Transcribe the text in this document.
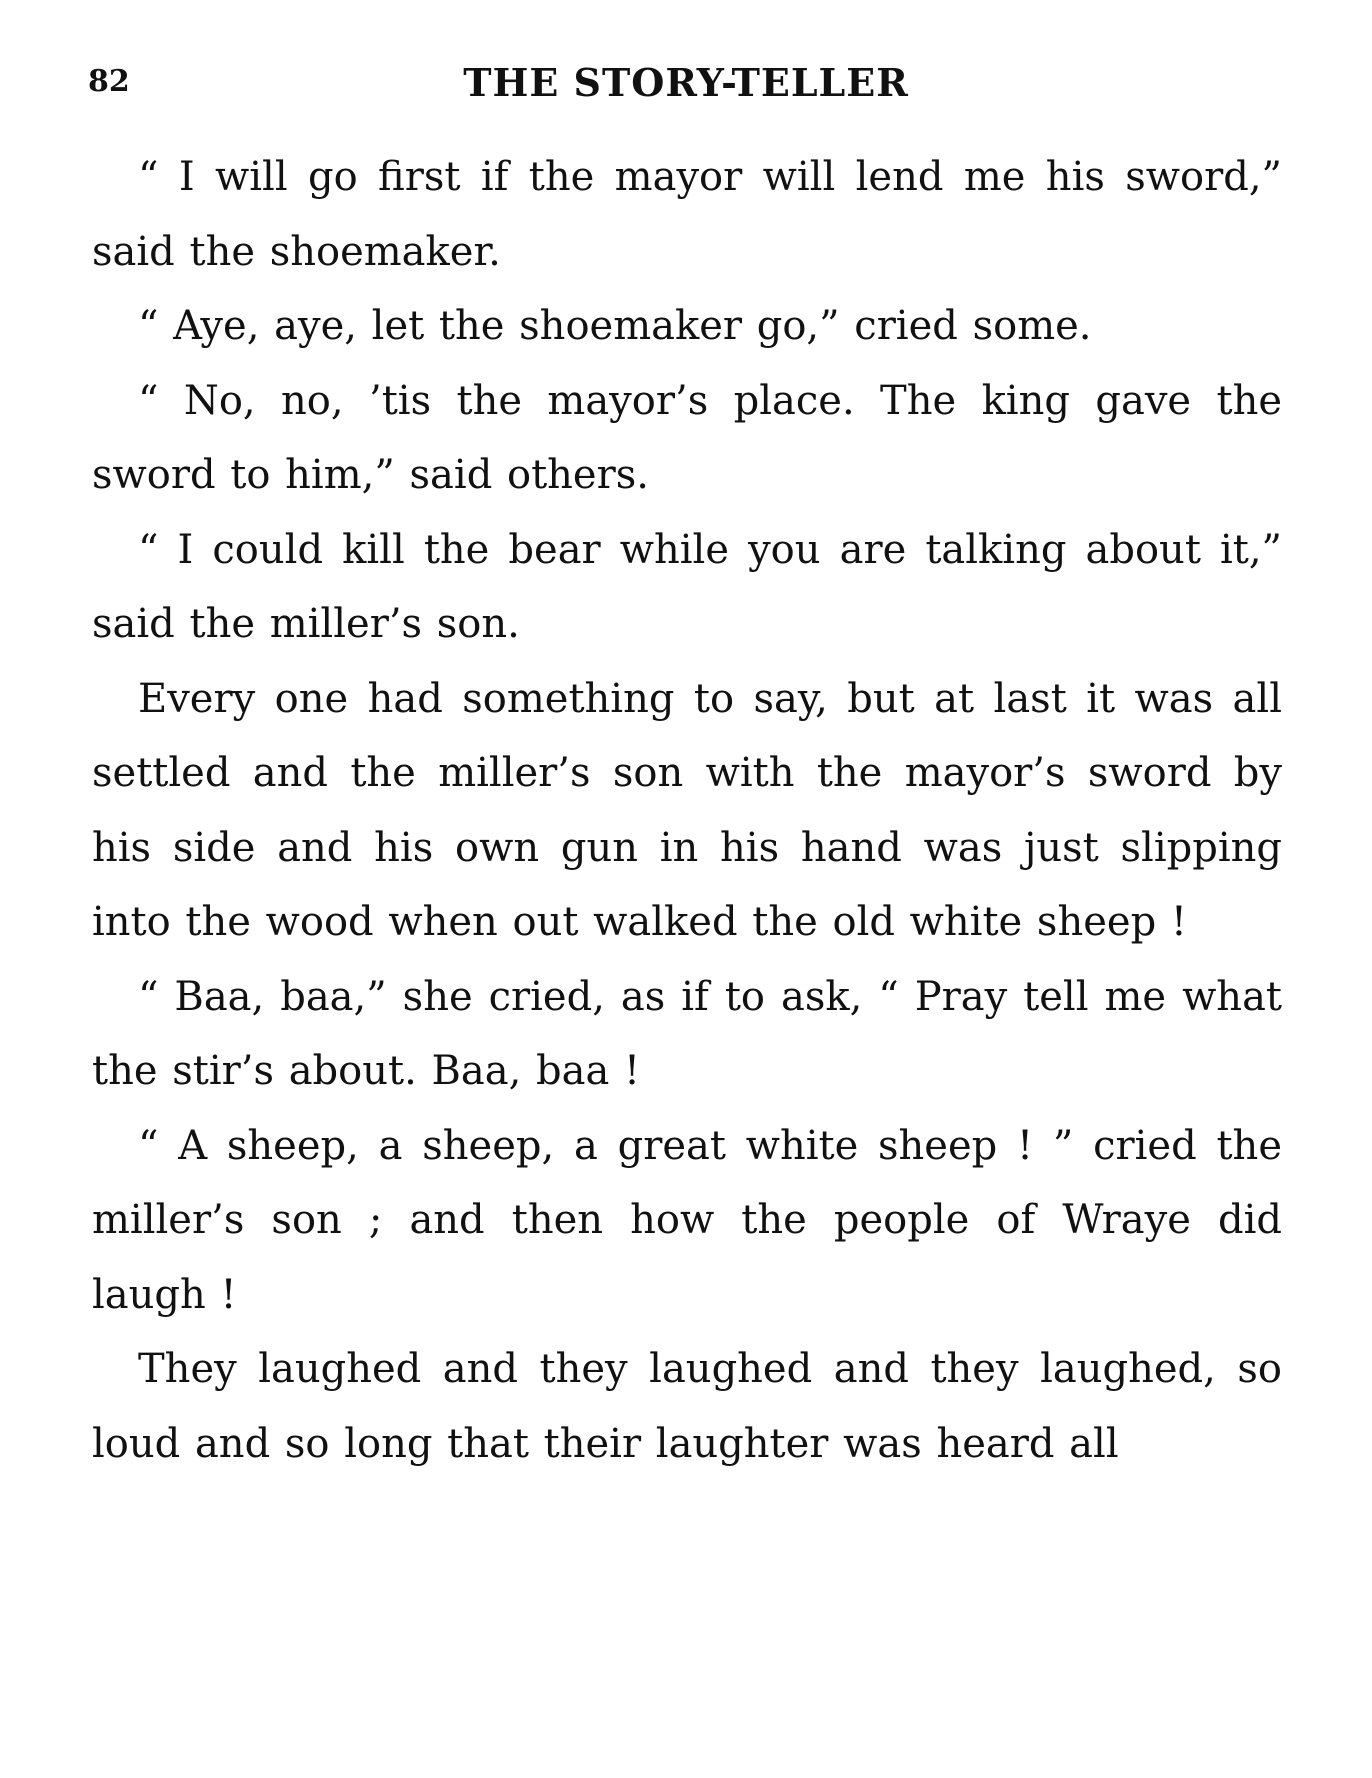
82	THE STORY-TELLER

“ I will go first if the mayor will lend me his sword,” said the shoemaker.

“ Aye, aye, let the shoemaker go,” cried some.

“ No, no, ’tis the mayor’s place. The king gave the sword to him,” said others.

“ I could kill the bear while you are talking about it,” said the miller’s son.

Every one had something to say, but at last it was all settled and the miller’s son with the mayor’s sword by his side and his own gun in his hand was just slipping into the wood when out walked the old white sheep !

“ Baa, baa,” she cried, as if to ask, “ Pray tell me what the stir’s about. Baa, baa !

“ A sheep, a sheep, a great white sheep ! ” cried the miller’s son ; and then how the people of Wraye did laugh !

They laughed and they laughed and they laughed, so loud and so long that their laughter was heard all
